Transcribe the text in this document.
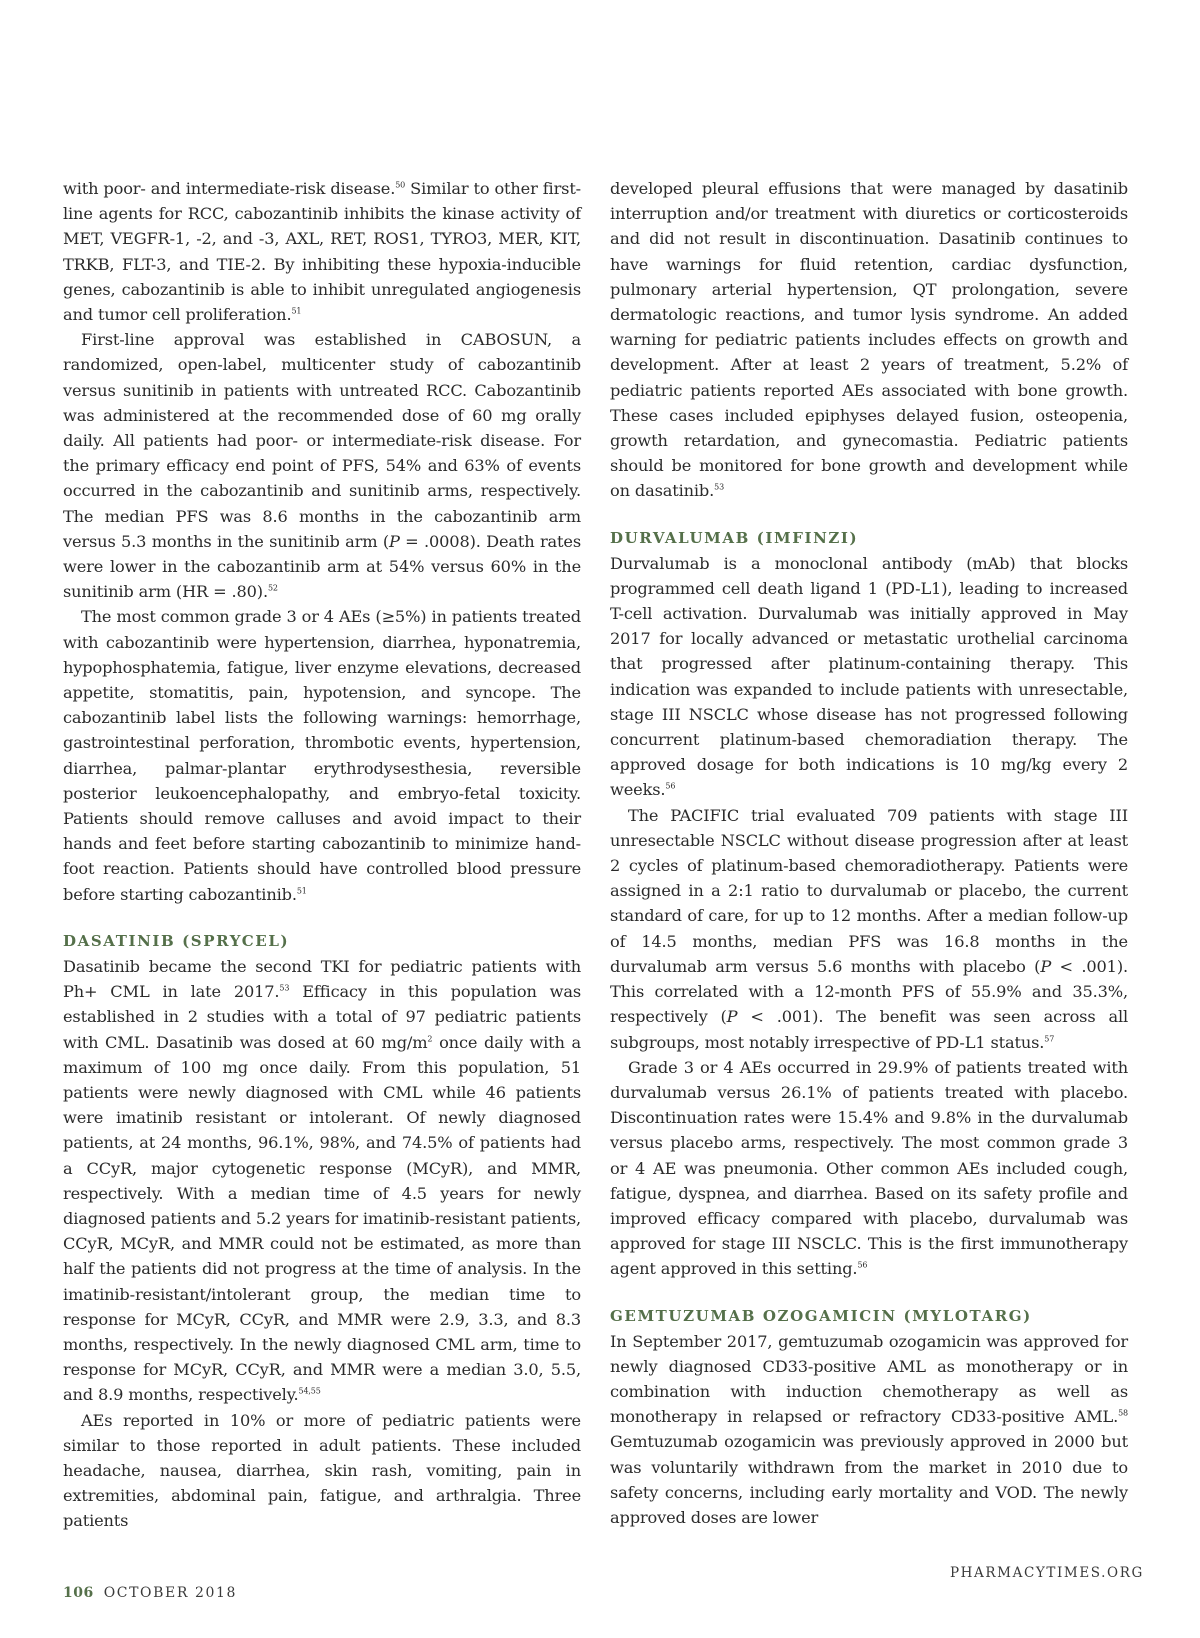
with poor- and intermediate-risk disease.$^{50}$ Similar to other first-line agents for RCC, cabozantinib inhibits the kinase activity of MET, VEGFR-1, -2, and -3, AXL, RET, ROS1, TYRO3, MER, KIT, TRKB, FLT-3, and TIE-2. By inhibiting these hypoxia-inducible genes, cabozantinib is able to inhibit unregulated angiogenesis and tumor cell proliferation.$^{51}$

First-line approval was established in CABOSUN, a randomized, open-label, multicenter study of cabozantinib versus sunitinib in patients with untreated RCC. Cabozantinib was administered at the recommended dose of 60 mg orally daily. All patients had poor- or intermediate-risk disease. For the primary efficacy end point of PFS, 54% and 63% of events occurred in the cabozantinib and sunitinib arms, respectively. The median PFS was 8.6 months in the cabozantinib arm versus 5.3 months in the sunitinib arm (P = .0008). Death rates were lower in the cabozantinib arm at 54% versus 60% in the sunitinib arm (HR = .80).$^{52}$

The most common grade 3 or 4 AEs (≥5%) in patients treated with cabozantinib were hypertension, diarrhea, hyponatremia, hypophosphatemia, fatigue, liver enzyme elevations, decreased appetite, stomatitis, pain, hypotension, and syncope. The cabozantinib label lists the following warnings: hemorrhage, gastrointestinal perforation, thrombotic events, hypertension, diarrhea, palmar-plantar erythrodysesthesia, reversible posterior leukoencephalopathy, and embryo-fetal toxicity. Patients should remove calluses and avoid impact to their hands and feet before starting cabozantinib to minimize hand-foot reaction. Patients should have controlled blood pressure before starting cabozantinib.$^{51}$

DASATINIB (SPRYCEL)

Dasatinib became the second TKI for pediatric patients with Ph+ CML in late 2017.53 Efficacy in this population was established in 2 studies with a total of 97 pediatric patients with CML. Dasatinib was dosed at 60 $mg/m^2$ once daily with a maximum of 100 mg once daily. From this population, 51 patients were newly diagnosed with CML while 46 patients were imatinib resistant or intolerant. Of newly diagnosed patients, at 24 months, 96.1%, 98%, and 74.5% of patients had a CCyR, major cytogenetic response (MCyR), and MMR, respectively. With a median time of 4.5 years for newly diagnosed patients and 5.2 years for imatinib-resistant patients, CCyR, MCyR, and MMR could not be estimated, as more than half the patients did not progress at the time of analysis. In the imatinib-resistant/intolerant group, the median time to response for MCyR, CCyR, and MMR were 2.9, 3.3, and 8.3 months, respectively. In the newly diagnosed CML arm, time to response for MCyR, CCyR, and MMR were a median 3.0, 5.5, and 8.9 months, respectively.$^{54,55}$

AEs reported in 10% or more of pediatric patients were similar to those reported in adult patients. These included headache, nausea, diarrhea, skin rash, vomiting, pain in extremities, abdominal pain, fatigue, and arthralgia. Three patients

developed pleural effusions that were managed by dasatinib interruption and/or treatment with diuretics or corticosteroids and did not result in discontinuation. Dasatinib continues to have warnings for fluid retention, cardiac dysfunction, pulmonary arterial hypertension, QT prolongation, severe dermatologic reactions, and tumor lysis syndrome. An added warning for pediatric patients includes effects on growth and development. After at least 2 years of treatment, 5.2% of pediatric patients reported AEs associated with bone growth. These cases included epiphyses delayed fusion, osteopenia, growth retardation, and gynecomastia. Pediatric patients should be monitored for bone growth and development while on dasatinib.$^{53}$

DURVALUMAB (IMFINZI)

Durvalumab is a monoclonal antibody (mAb) that blocks programmed cell death ligand 1 (PD-L1), leading to increased T-cell activation. Durvalumab was initially approved in May 2017 for locally advanced or metastatic urothelial carcinoma that progressed after platinum-containing therapy. This indication was expanded to include patients with unresectable, stage III NSCLC whose disease has not progressed following concurrent platinum-based chemoradiation therapy. The approved dosage for both indications is 10 mg/kg every 2 weeks.$^{56}$

The PACIFIC trial evaluated 709 patients with stage III unresectable NSCLC without disease progression after at least 2 cycles of platinum-based chemoradiotherapy. Patients were assigned in a 2:1 ratio to durvalumab or placebo, the current standard of care, for up to 12 months. After a median follow-up of 14.5 months, median PFS was 16.8 months in the durvalumab arm versus 5.6 months with placebo (P < .001). This correlated with a 12-month PFS of 55.9% and 35.3%, respectively (P < .001). The benefit was seen across all subgroups, most notably irrespective of PD-L1 status.$^{57}$

Grade 3 or 4 AEs occurred in 29.9% of patients treated with durvalumab versus 26.1% of patients treated with placebo. Discontinuation rates were 15.4% and 9.8% in the durvalumab versus placebo arms, respectively. The most common grade 3 or 4 AE was pneumonia. Other common AEs included cough, fatigue, dyspnea, and diarrhea. Based on its safety profile and improved efficacy compared with placebo, durvalumab was approved for stage III NSCLC. This is the first immunotherapy agent approved in this setting.$^{56}$

GEMTUZUMAB OZOGAMICIN (MYLOTARG)

In September 2017, gemtuzumab ozogamicin was approved for newly diagnosed CD33-positive AML as monotherapy or in combination with induction chemotherapy as well as monotherapy in relapsed or refractory CD33-positive AML.$^{58}$ Gemtuzumab ozogamicin was previously approved in 2000 but was voluntarily withdrawn from the market in 2010 due to safety concerns, including early mortality and VOD. The newly approved doses are lower

106 OCTOBER 2018
PHARMACYTIMES.ORG
